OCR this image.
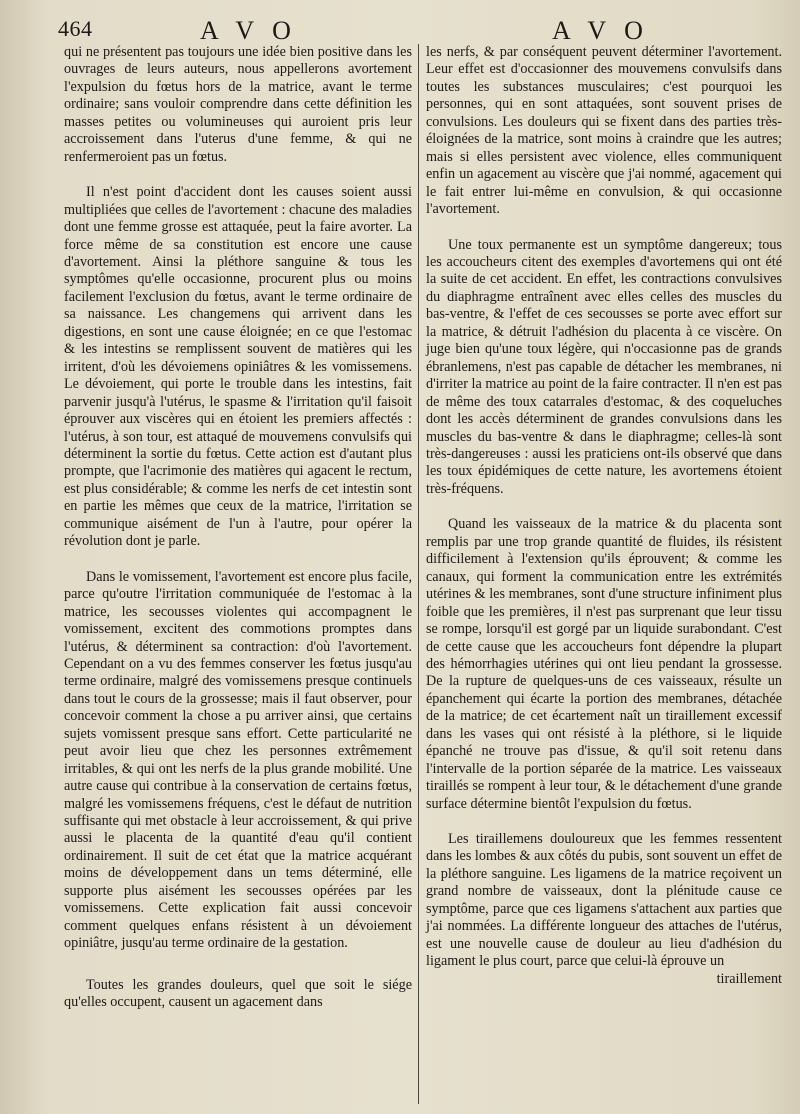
464	A V O	A V O

qui ne présentent pas toujours une idée bien positive dans les ouvrages de leurs auteurs, nous appellerons avortement l'expulsion du fœtus hors de la matrice, avant le terme ordinaire; sans vouloir comprendre dans cette définition les masses petites ou volumineuses qui auroient pris leur accroissement dans l'uterus d'une femme, & qui ne renfermeroient pas un fœtus.

Il n'est point d'accident dont les causes soient aussi multipliées que celles de l'avortement : chacune des maladies dont une femme grosse est attaquée, peut la faire avorter. La force même de sa constitution est encore une cause d'avortement. Ainsi la pléthore sanguine & tous les symptômes qu'elle occasionne, procurent plus ou moins facilement l'exclusion du fœtus, avant le terme ordinaire de sa naissance. Les changemens qui arrivent dans les digestions, en sont une cause éloignée; en ce que l'estomac & les intestins se remplissent souvent de matières qui les irritent, d'où les dévoiemens opiniâtres & les vomissemens. Le dévoiement, qui porte le trouble dans les intestins, fait parvenir jusqu'à l'utérus, le spasme & l'irritation qu'il faisoit éprouver aux viscères qui en étoient les premiers affectés : l'utérus, à son tour, est attaqué de mouvemens convulsifs qui déterminent la sortie du fœtus. Cette action est d'autant plus prompte, que l'acrimonie des matières qui agacent le rectum, est plus considérable; & comme les nerfs de cet intestin sont en partie les mêmes que ceux de la matrice, l'irritation se communique aisément de l'un à l'autre, pour opérer la révolution dont je parle.

Dans le vomissement, l'avortement est encore plus facile, parce qu'outre l'irritation communiquée de l'estomac à la matrice, les secousses violentes qui accompagnent le vomissement, excitent des commotions promptes dans l'utérus, & déterminent sa contraction: d'où l'avortement. Cependant on a vu des femmes conserver les fœtus jusqu'au terme ordinaire, malgré des vomissemens presque continuels dans tout le cours de la grossesse; mais il faut observer, pour concevoir comment la chose a pu arriver ainsi, que certains sujets vomissent presque sans effort. Cette particularité ne peut avoir lieu que chez les personnes extrêmement irritables, & qui ont les nerfs de la plus grande mobilité. Une autre cause qui contribue à la conservation de certains fœtus, malgré les vomissemens fréquens, c'est le défaut de nutrition suffisante qui met obstacle à leur accroissement, & qui prive aussi le placenta de la quantité d'eau qu'il contient ordinairement. Il suit de cet état que la matrice acquérant moins de développement dans un tems déterminé, elle supporte plus aisément les secousses opérées par les vomissemens. Cette explication fait aussi concevoir comment quelques enfans résistent à un dévoiement opiniâtre, jusqu'au terme ordinaire de la gestation.

Toutes les grandes douleurs, quel que soit le siége qu'elles occupent, causent un agacement dans

les nerfs, & par conséquent peuvent déterminer l'avortement. Leur effet est d'occasionner des mouvemens convulsifs dans toutes les substances musculaires; c'est pourquoi les personnes, qui en sont attaquées, sont souvent prises de convulsions. Les douleurs qui se fixent dans des parties très-éloignées de la matrice, sont moins à craindre que les autres; mais si elles persistent avec violence, elles communiquent enfin un agacement au viscère que j'ai nommé, agacement qui le fait entrer lui-même en convulsion, & qui occasionne l'avortement.

Une toux permanente est un symptôme dangereux; tous les accoucheurs citent des exemples d'avortemens qui ont été la suite de cet accident. En effet, les contractions convulsives du diaphragme entraînent avec elles celles des muscles du bas-ventre, & l'effet de ces secousses se porte avec effort sur la matrice, & détruit l'adhésion du placenta à ce viscère. On juge bien qu'une toux légère, qui n'occasionne pas de grands ébranlemens, n'est pas capable de détacher les membranes, ni d'irriter la matrice au point de la faire contracter. Il n'en est pas de même des toux catarrales d'estomac, & des coqueluches dont les accès déterminent de grandes convulsions dans les muscles du bas-ventre & dans le diaphragme; celles-là sont très-dangereuses : aussi les praticiens ont-ils observé que dans les toux épidémiques de cette nature, les avortemens étoient très-fréquens.

Quand les vaisseaux de la matrice & du placenta sont remplis par une trop grande quantité de fluides, ils résistent difficilement à l'extension qu'ils éprouvent; & comme les canaux, qui forment la communication entre les extrémités utérines & les membranes, sont d'une structure infiniment plus foible que les premières, il n'est pas surprenant que leur tissu se rompe, lorsqu'il est gorgé par un liquide surabondant. C'est de cette cause que les accoucheurs font dépendre la plupart des hémorrhagies utérines qui ont lieu pendant la grossesse. De la rupture de quelques-uns de ces vaisseaux, résulte un épanchement qui écarte la portion des membranes, détachée de la matrice; de cet écartement naît un tiraillement excessif dans les vases qui ont résisté à la pléthore, si le liquide épanché ne trouve pas d'issue, & qu'il soit retenu dans l'intervalle de la portion séparée de la matrice. Les vaisseaux tiraillés se rompent à leur tour, & le détachement d'une grande surface détermine bientôt l'expulsion du fœtus.

Les tiraillemens douloureux que les femmes ressentent dans les lombes & aux côtés du pubis, sont souvent un effet de la pléthore sanguine. Les ligamens de la matrice reçoivent un grand nombre de vaisseaux, dont la plénitude cause ce symptôme, parce que ces ligamens s'attachent aux parties que j'ai nommées. La différente longueur des attaches de l'utérus, est une nouvelle cause de douleur au lieu d'adhésion du ligament le plus court, parce que celui-là éprouve un

tiraillement
